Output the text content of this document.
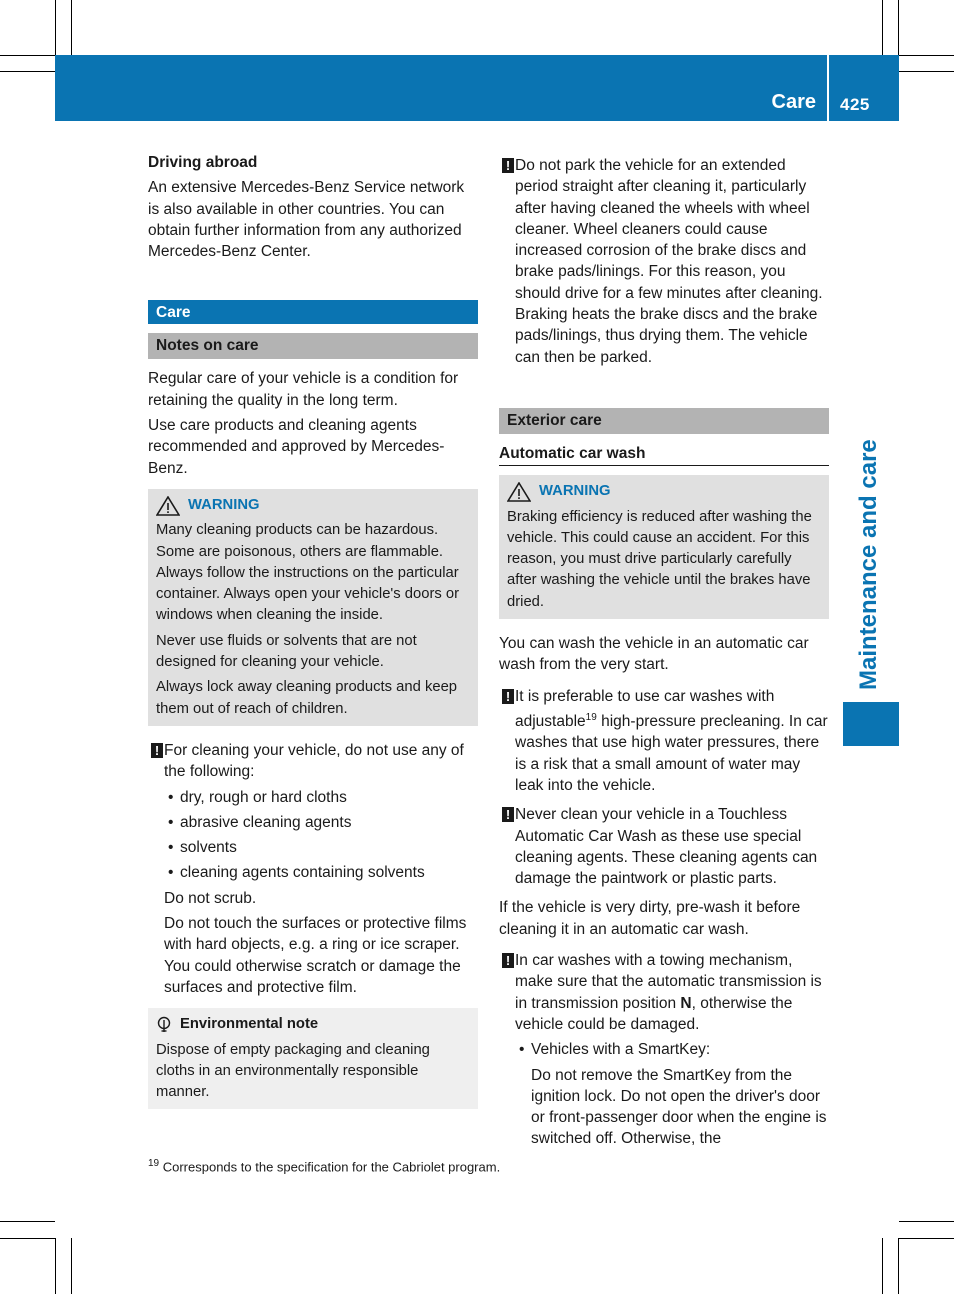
Care 425
Maintenance and care
Driving abroad

An extensive Mercedes-Benz Service network is also available in other countries. You can obtain further information from any authorized Mercedes-Benz Center.

Care
Notes on care

Regular care of your vehicle is a condition for retaining the quality in the long term.

Use care products and cleaning agents recommended and approved by Mercedes-Benz.

WARNING

Many cleaning products can be hazardous. Some are poisonous, others are flammable. Always follow the instructions on the particular container. Always open your vehicle's doors or windows when cleaning the inside.

Never use fluids or solvents that are not designed for cleaning your vehicle.

Always lock away cleaning products and keep them out of reach of children.

! For cleaning your vehicle, do not use any of the following:

• dry, rough or hard cloths
• abrasive cleaning agents
• solvents
• cleaning agents containing solvents

Do not scrub.

Do not touch the surfaces or protective films with hard objects, e.g. a ring or ice scraper. You could otherwise scratch or damage the surfaces and protective film.

Environmental note

Dispose of empty packaging and cleaning cloths in an environmentally responsible manner.

! Do not park the vehicle for an extended period straight after cleaning it, particularly after having cleaned the wheels with wheel cleaner. Wheel cleaners could cause increased corrosion of the brake discs and brake pads/linings. For this reason, you should drive for a few minutes after cleaning. Braking heats the brake discs and the brake pads/linings, thus drying them. The vehicle can then be parked.

Exterior care
Automatic car wash
WARNING

Braking efficiency is reduced after washing the vehicle. This could cause an accident. For this reason, you must drive particularly carefully after washing the vehicle until the brakes have dried.

You can wash the vehicle in an automatic car wash from the very start.

! It is preferable to use car washes with adjustable$^{19}$ high-pressure precleaning. In car washes that use high water pressures, there is a risk that a small amount of water may leak into the vehicle.

! Never clean your vehicle in a Touchless Automatic Car Wash as these use special cleaning agents. These cleaning agents can damage the paintwork or plastic parts.

If the vehicle is very dirty, pre-wash it before cleaning it in an automatic car wash.

! In car washes with a towing mechanism, make sure that the automatic transmission is in transmission position N, otherwise the vehicle could be damaged.

• Vehicles with a SmartKey:

Do not remove the SmartKey from the ignition lock. Do not open the driver's door or front-passenger door when the engine is switched off. Otherwise, the

$^{19}$ Corresponds to the specification for the Cabriolet program.
